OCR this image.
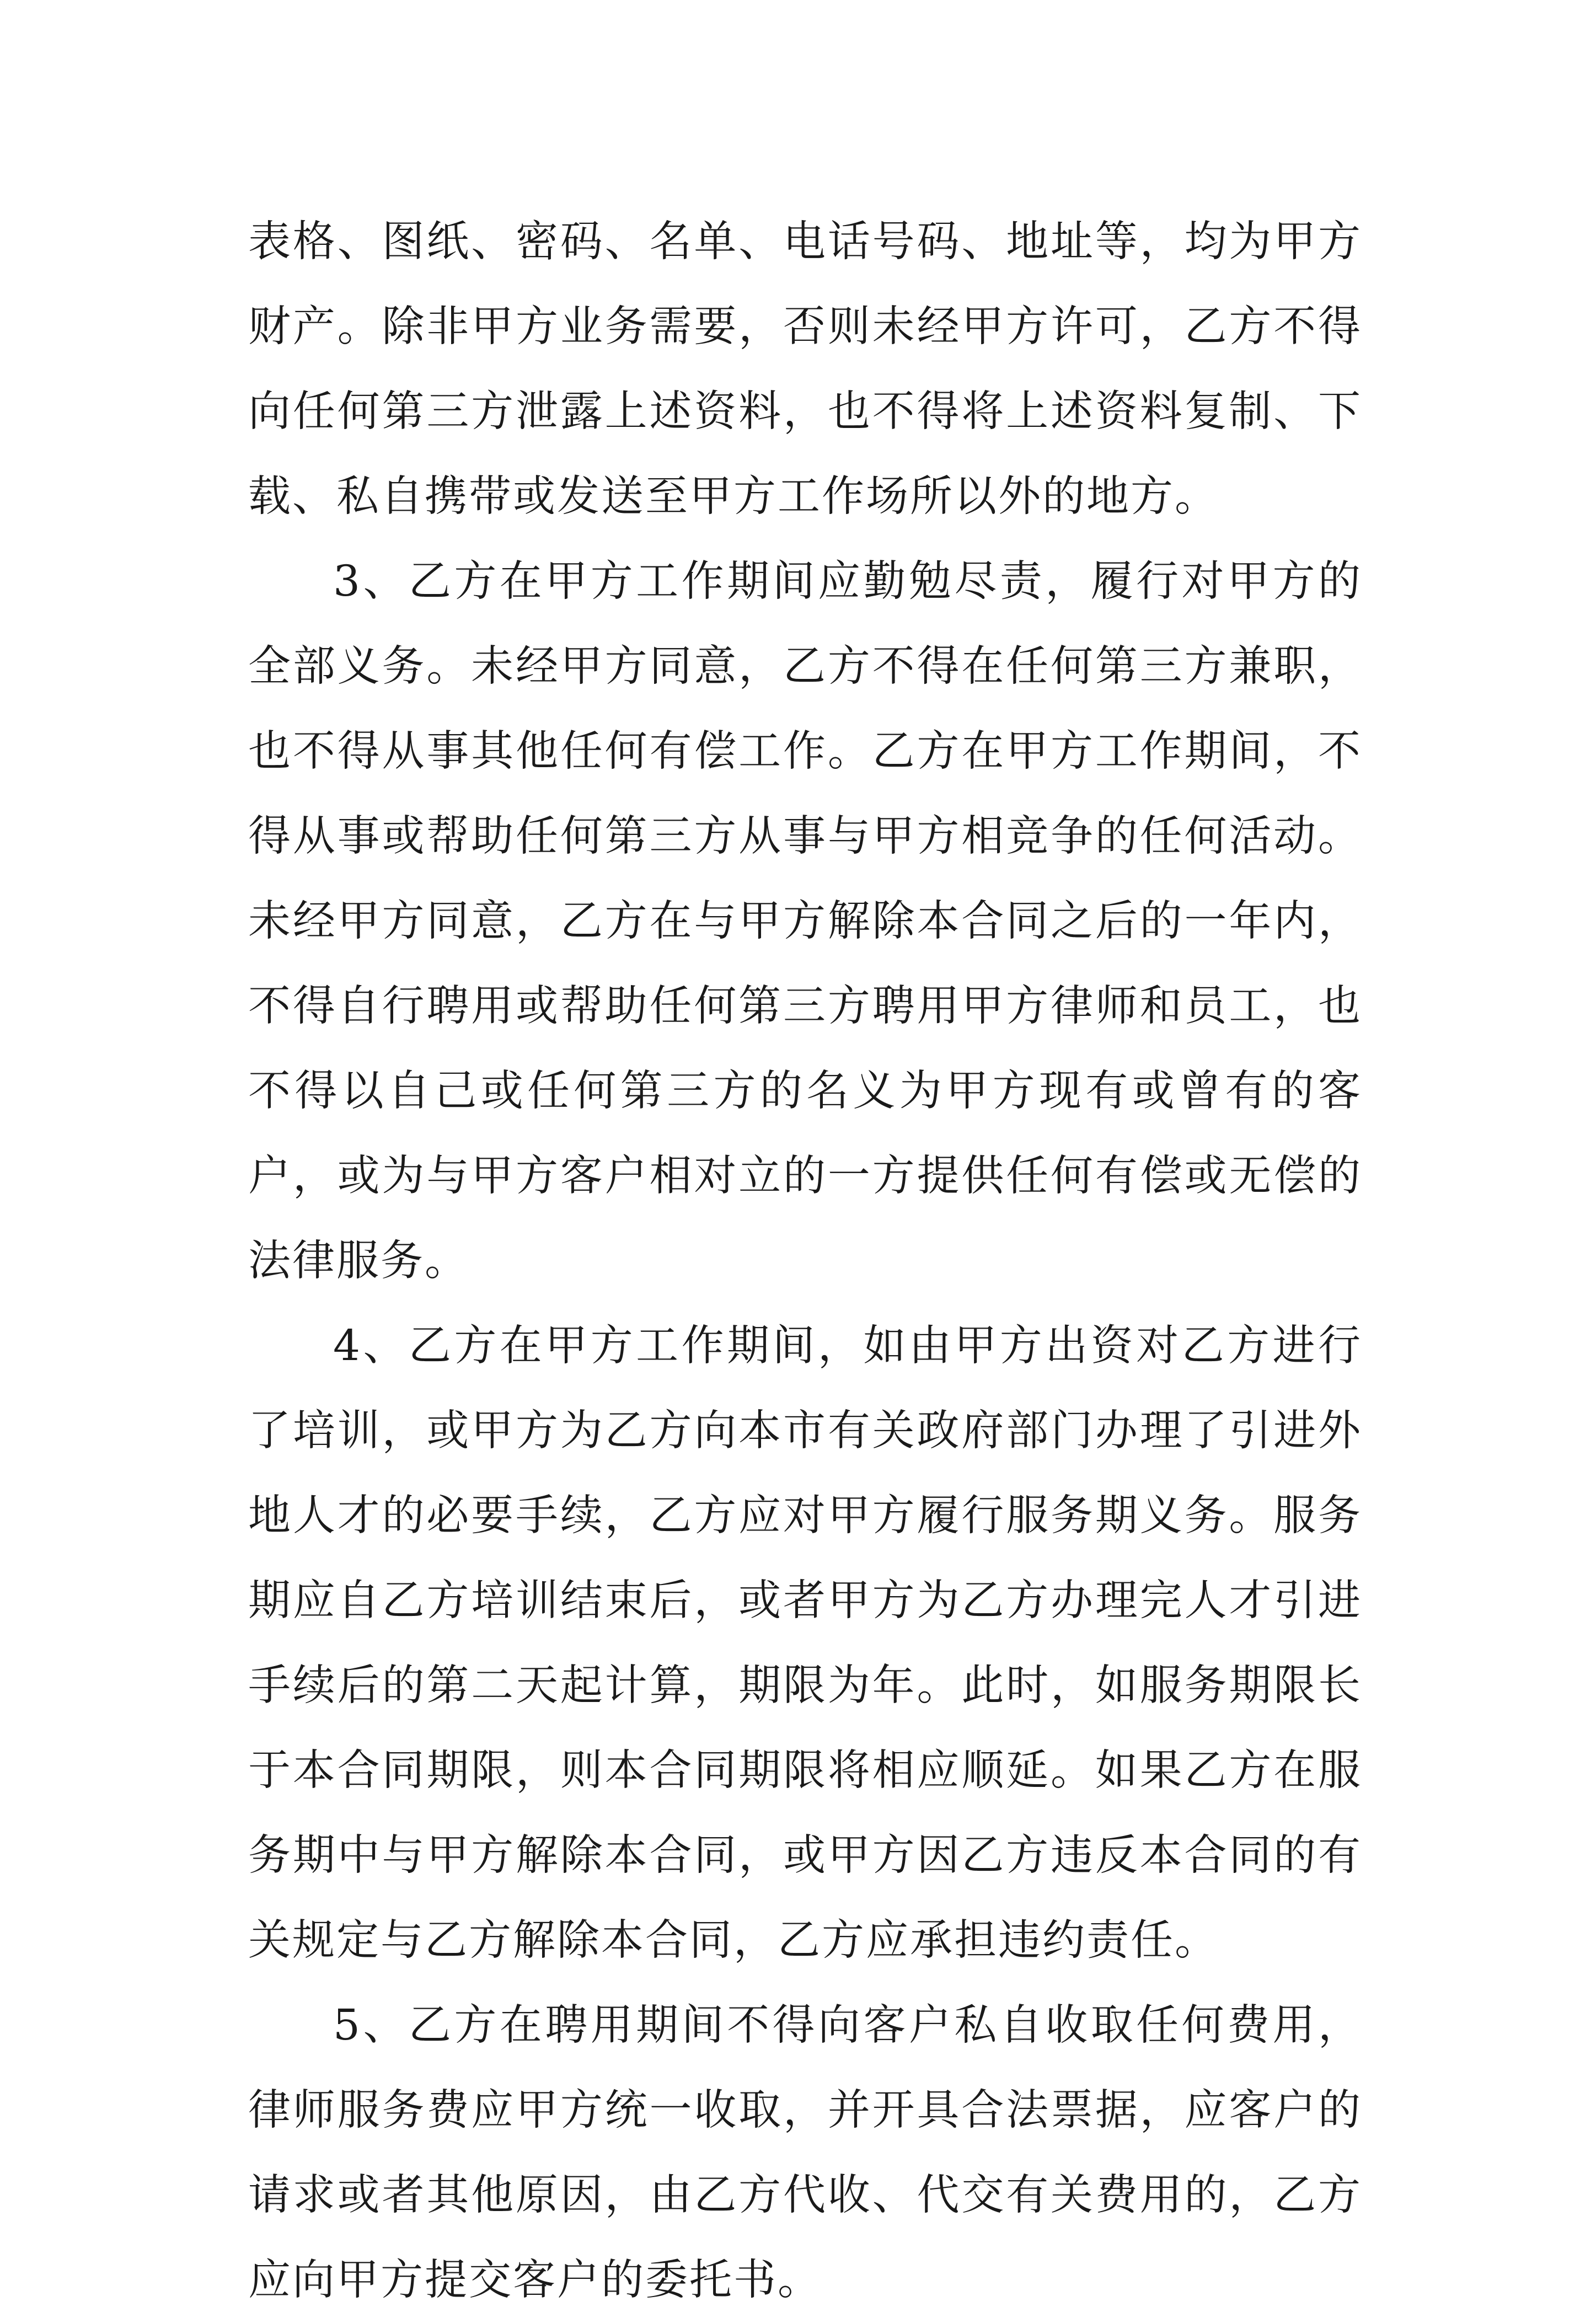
表格、图纸、密码、名单、电话号码、地址等，均为甲方财产。除非甲方业务需要，否则未经甲方许可，乙方不得向任何第三方泄露上述资料，也不得将上述资料复制、下载、私自携带或发送至甲方工作场所以外的地方。

3、乙方在甲方工作期间应勤勉尽责，履行对甲方的全部义务。未经甲方同意，乙方不得在任何第三方兼职，也不得从事其他任何有偿工作。乙方在甲方工作期间，不得从事或帮助任何第三方从事与甲方相竞争的任何活动。未经甲方同意，乙方在与甲方解除本合同之后的一年内，不得自行聘用或帮助任何第三方聘用甲方律师和员工，也不得以自己或任何第三方的名义为甲方现有或曾有的客户，或为与甲方客户相对立的一方提供任何有偿或无偿的法律服务。

4、乙方在甲方工作期间，如由甲方出资对乙方进行了培训，或甲方为乙方向本市有关政府部门办理了引进外地人才的必要手续，乙方应对甲方履行服务期义务。服务期应自乙方培训结束后，或者甲方为乙方办理完人才引进手续后的第二天起计算，期限为年。此时，如服务期限长于本合同期限，则本合同期限将相应顺延。如果乙方在服务期中与甲方解除本合同，或甲方因乙方违反本合同的有关规定与乙方解除本合同，乙方应承担违约责任。

5、乙方在聘用期间不得向客户私自收取任何费用，律师服务费应甲方统一收取，并开具合法票据，应客户的请求或者其他原因，由乙方代收、代交有关费用的，乙方应向甲方提交客户的委托书。
